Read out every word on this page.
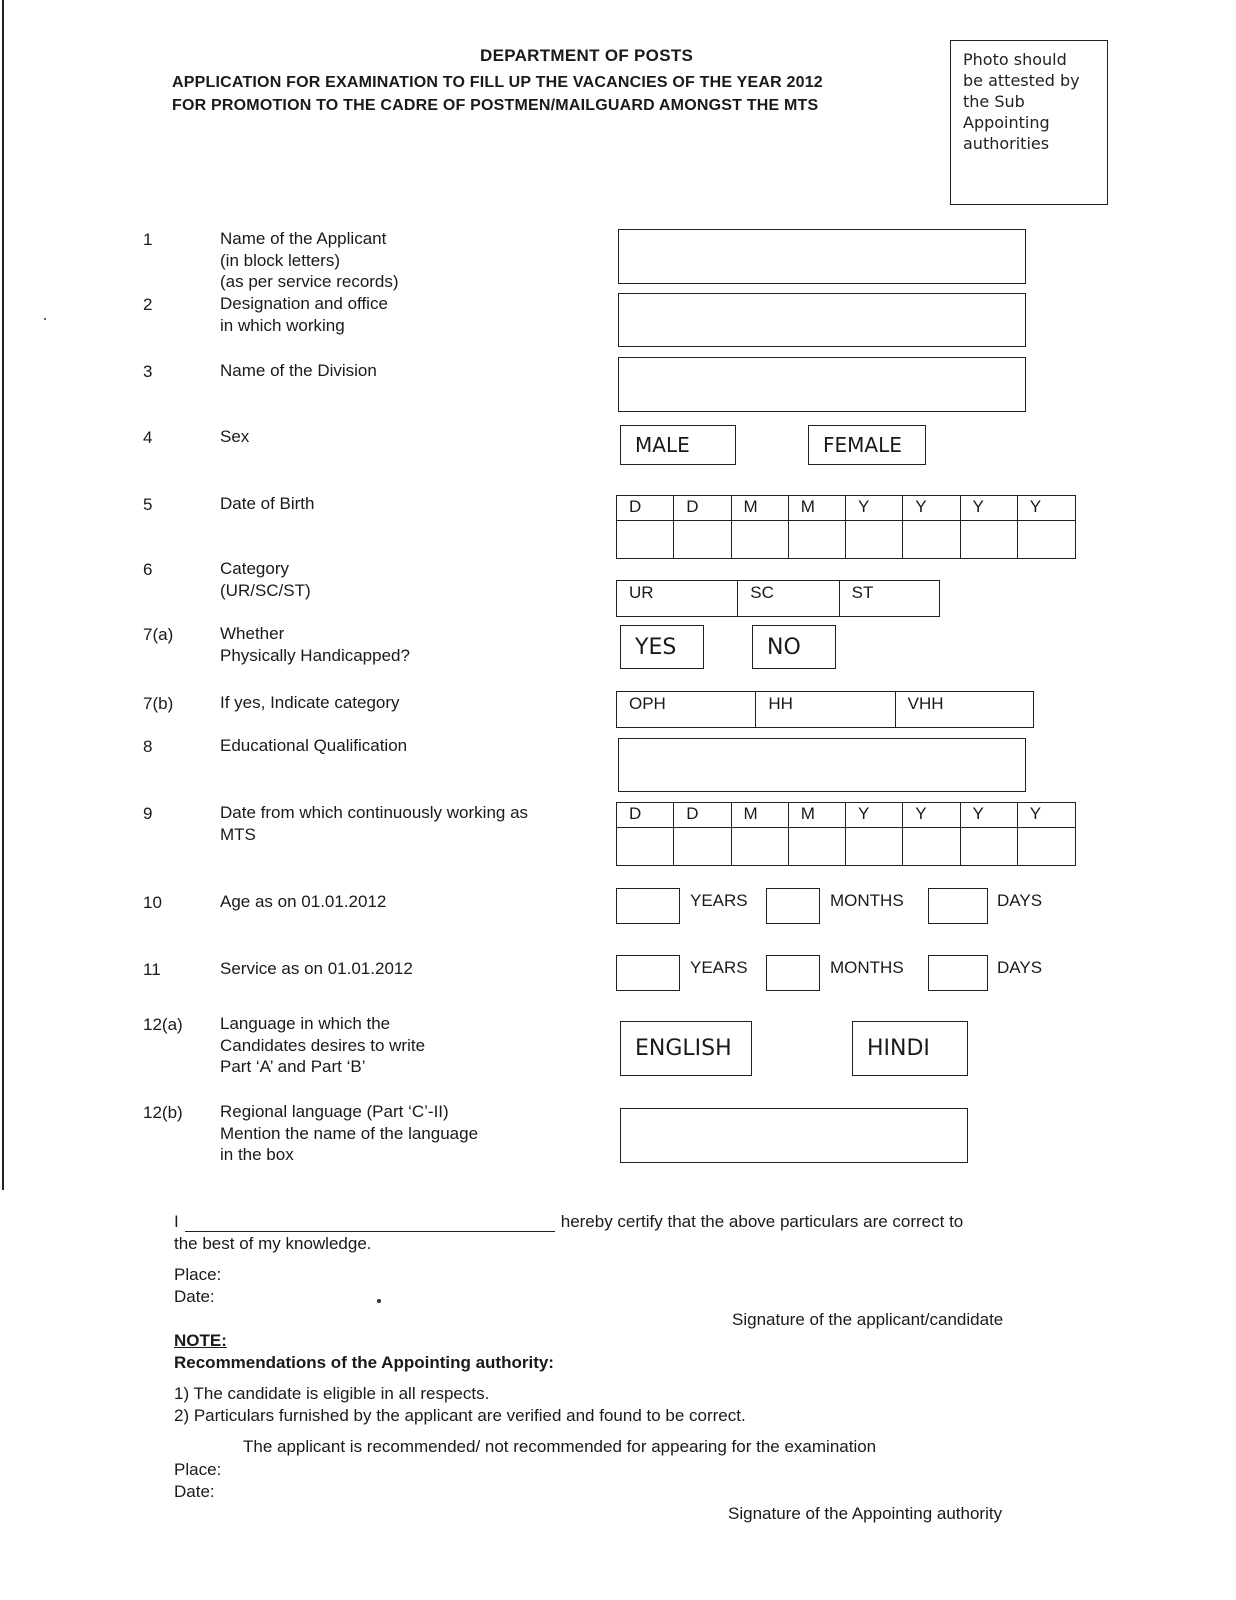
DEPARTMENT OF POSTS
APPLICATION FOR EXAMINATION TO FILL UP THE VACANCIES OF THE YEAR 2012
FOR PROMOTION TO THE CADRE OF POSTMEN/MAILGUARD AMONGST THE MTS
Photo should
be attested by
the Sub
Appointing
authorities
1	Name of the Applicant
(in block letters)
(as per service records)
2	Designation and office
in which working
3	Name of the Division
4	Sex	MALE	FEMALE
5	Date of Birth	D	D	M	M	Y	Y	Y	Y
6	Category
(UR/SC/ST)	UR	SC	ST
7(a)	Whether
Physically Handicapped?	YES	NO
7(b)	If yes, Indicate category	OPH	HH	VHH
8	Educational Qualification
9	Date from which continuously working as
MTS
D	D	M	M	Y	Y	Y	Y
10	Age as on 01.01.2012	YEARS	MONTHS	DAYS
11	Service as on 01.01.2012	YEARS	MONTHS	DAYS
12(a) Language in which the
Candidates desires to write
Part ‘A’ and Part ‘B’
ENGLISH	HINDI
12(b) Regional language (Part ‘C’-II)
Mention the name of the language
in the box
I	hereby certify that the above particulars are correct to
the best of my knowledge.
Place:
Date:
Signature of the applicant/candidate
NOTE:
Recommendations of the Appointing authority:
1) The candidate is eligible in all respects.
2) Particulars furnished by the applicant are verified and found to be correct.
The applicant is recommended/ not recommended for appearing for the examination
Place:
Date:
Signature of the Appointing authority
